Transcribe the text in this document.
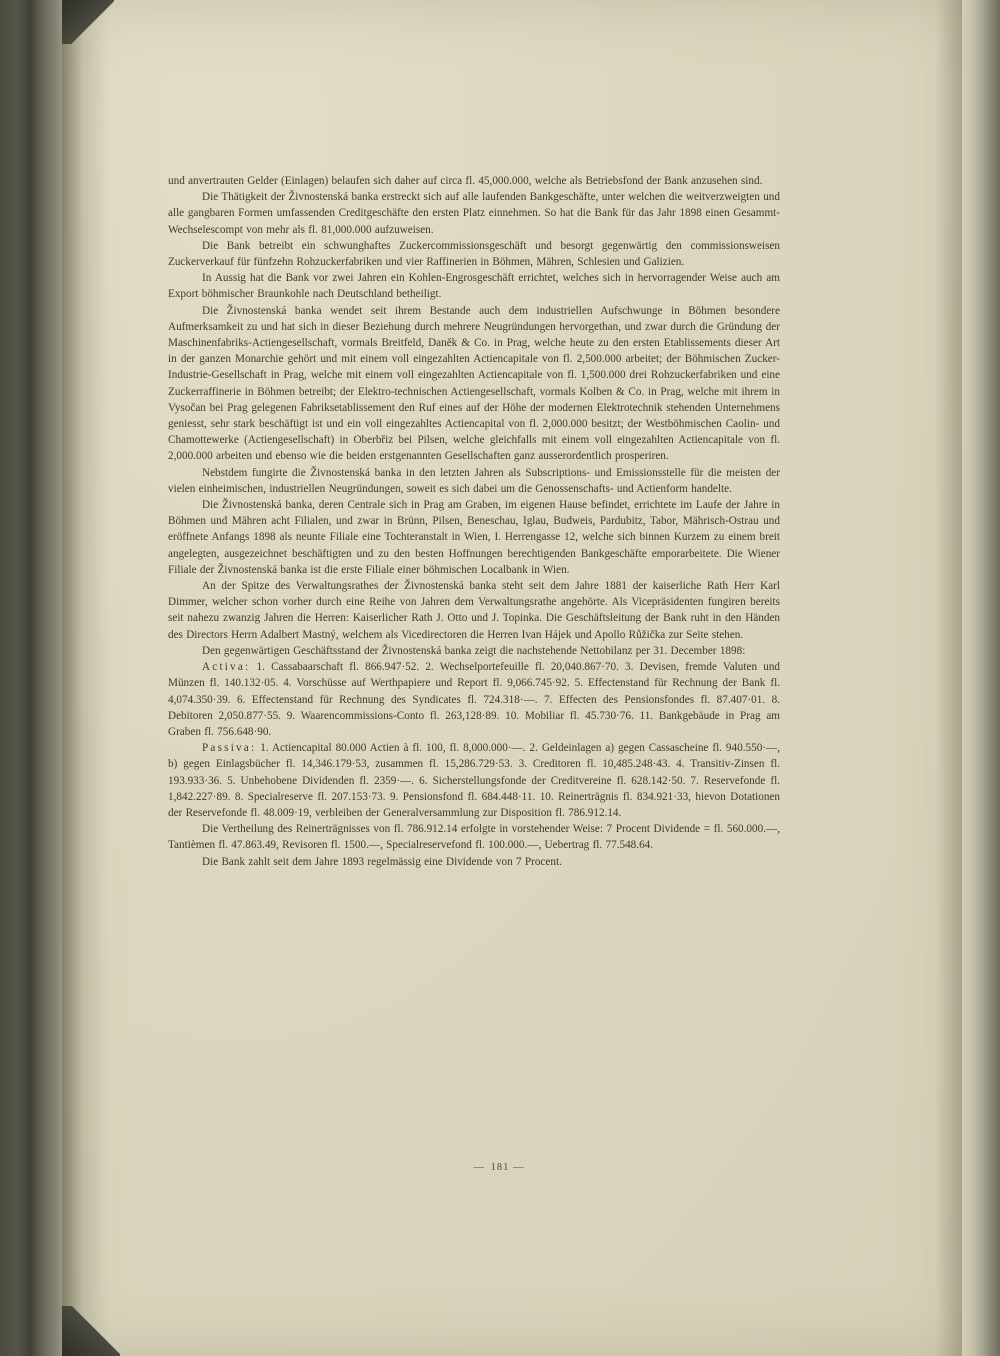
und anvertrauten Gelder (Einlagen) belaufen sich daher auf circa fl. 45,000.000, welche als Betriebsfond der Bank anzusehen sind.

Die Thätigkeit der Živnostenská banka erstreckt sich auf alle laufenden Bankgeschäfte, unter welchen die weitverzweigten und alle gangbaren Formen umfassenden Creditgeschäfte den ersten Platz einnehmen. So hat die Bank für das Jahr 1898 einen Gesammt-Wechselescompt von mehr als fl. 81,000.000 aufzuweisen.

Die Bank betreibt ein schwunghaftes Zuckercommissionsgeschäft und besorgt gegenwärtig den commissionsweisen Zuckerverkauf für fünfzehn Rohzuckerfabriken und vier Raffinerien in Böhmen, Mähren, Schlesien und Galizien.

In Aussig hat die Bank vor zwei Jahren ein Kohlen-Engrosgeschäft errichtet, welches sich in hervorragender Weise auch am Export böhmischer Braunkohle nach Deutschland betheiligt.

Die Živnostenská banka wendet seit ihrem Bestande auch dem industriellen Aufschwunge in Böhmen besondere Aufmerksamkeit zu und hat sich in dieser Beziehung durch mehrere Neugründungen hervorgethan, und zwar durch die Gründung der Maschinenfabriks-Actiengesellschaft, vormals Breitfeld, Daněk & Co. in Prag, welche heute zu den ersten Etablissements dieser Art in der ganzen Monarchie gehört und mit einem voll eingezahlten Actiencapitale von fl. 2,500.000 arbeitet; der Böhmischen Zucker-Industrie-Gesellschaft in Prag, welche mit einem voll eingezahlten Actiencapitale von fl. 1,500.000 drei Rohzuckerfabriken und eine Zuckerraffinerie in Böhmen betreibt; der Elektro-technischen Actiengesellschaft, vormals Kolben & Co. in Prag, welche mit ihrem in Vysočan bei Prag gelegenen Fabriksetablissement den Ruf eines auf der Höhe der modernen Elektrotechnik stehenden Unternehmens geniesst, sehr stark beschäftigt ist und ein voll eingezahltes Actiencapital von fl. 2,000.000 besitzt; der Westböhmischen Caolin- und Chamottewerke (Actiengesellschaft) in Oberbřiz bei Pilsen, welche gleichfalls mit einem voll eingezahlten Actiencapitale von fl. 2,000.000 arbeiten und ebenso wie die beiden erstgenannten Gesellschaften ganz ausserordentlich prosperiren.

Nebstdem fungirte die Živnostenská banka in den letzten Jahren als Subscriptions- und Emissionsstelle für die meisten der vielen einheimischen, industriellen Neugründungen, soweit es sich dabei um die Genossenschafts- und Actienform handelte.

Die Živnostenská banka, deren Centrale sich in Prag am Graben, im eigenen Hause befindet, errichtete im Laufe der Jahre in Böhmen und Mähren acht Filialen, und zwar in Brünn, Pilsen, Beneschau, Iglau, Budweis, Pardubitz, Tabor, Mährisch-Ostrau und eröffnete Anfangs 1898 als neunte Filiale eine Tochteranstalt in Wien, I. Herrengasse 12, welche sich binnen Kurzem zu einem breit angelegten, ausgezeichnet beschäftigten und zu den besten Hoffnungen berechtigenden Bankgeschäfte emporarbeitete. Die Wiener Filiale der Živnostenská banka ist die erste Filiale einer böhmischen Localbank in Wien.

An der Spitze des Verwaltungsrathes der Živnostenská banka steht seit dem Jahre 1881 der kaiserliche Rath Herr Karl Dimmer, welcher schon vorher durch eine Reihe von Jahren dem Verwaltungsrathe angehörte. Als Vicepräsidenten fungiren bereits seit nahezu zwanzig Jahren die Herren: Kaiserlicher Rath J. Otto und J. Topinka. Die Geschäftsleitung der Bank ruht in den Händen des Directors Herrn Adalbert Mastný, welchem als Vicedirectoren die Herren Ivan Hájek und Apollo Růžička zur Seite stehen.

Den gegenwärtigen Geschäftsstand der Živnostenská banka zeigt die nachstehende Nettobilanz per 31. December 1898:

Activa: 1. Cassabaarschaft fl. 866.947·52. 2. Wechselportefeuille fl. 20,040.867·70. 3. Devisen, fremde Valuten und Münzen fl. 140.132·05. 4. Vorschüsse auf Werthpapiere und Report fl. 9,066.745·92. 5. Effectenstand für Rechnung der Bank fl. 4,074.350·39. 6. Effectenstand für Rechnung des Syndicates fl. 724.318·—. 7. Effecten des Pensionsfondes fl. 87.407·01. 8. Debitoren 2,050.877·55. 9. Waarencommissions-Conto fl. 263,128·89. 10. Mobiliar fl. 45.730·76. 11. Bankgebäude in Prag am Graben fl. 756.648·90.

Passiva: 1. Actiencapital 80.000 Actien à fl. 100, fl. 8,000.000·—. 2. Geldeinlagen a) gegen Cassascheine fl. 940.550·—, b) gegen Einlagsbücher fl. 14,346.179·53, zusammen fl. 15,286.729·53. 3. Creditoren fl. 10,485.248·43. 4. Transitiv-Zinsen fl. 193.933·36. 5. Unbehobene Dividenden fl. 2359·—. 6. Sicherstellungsfonde der Creditvereine fl. 628.142·50. 7. Reservefonde fl. 1,842.227·89. 8. Specialreserve fl. 207.153·73. 9. Pensionsfond fl. 684.448·11. 10. Reinerträgnis fl. 834.921·33, hievon Dotationen der Reservefonde fl. 48.009·19, verbleiben der Generalversammlung zur Disposition fl. 786.912.14.

Die Vertheilung des Reinerträgnisses von fl. 786.912.14 erfolgte in vorstehender Weise: 7 Procent Dividende = fl. 560.000.—, Tantièmen fl. 47.863.49, Revisoren fl. 1500.—, Specialreservefond fl. 100.000.—, Uebertrag fl. 77.548.64.

Die Bank zahlt seit dem Jahre 1893 regelmässig eine Dividende von 7 Procent.

— 181 —
